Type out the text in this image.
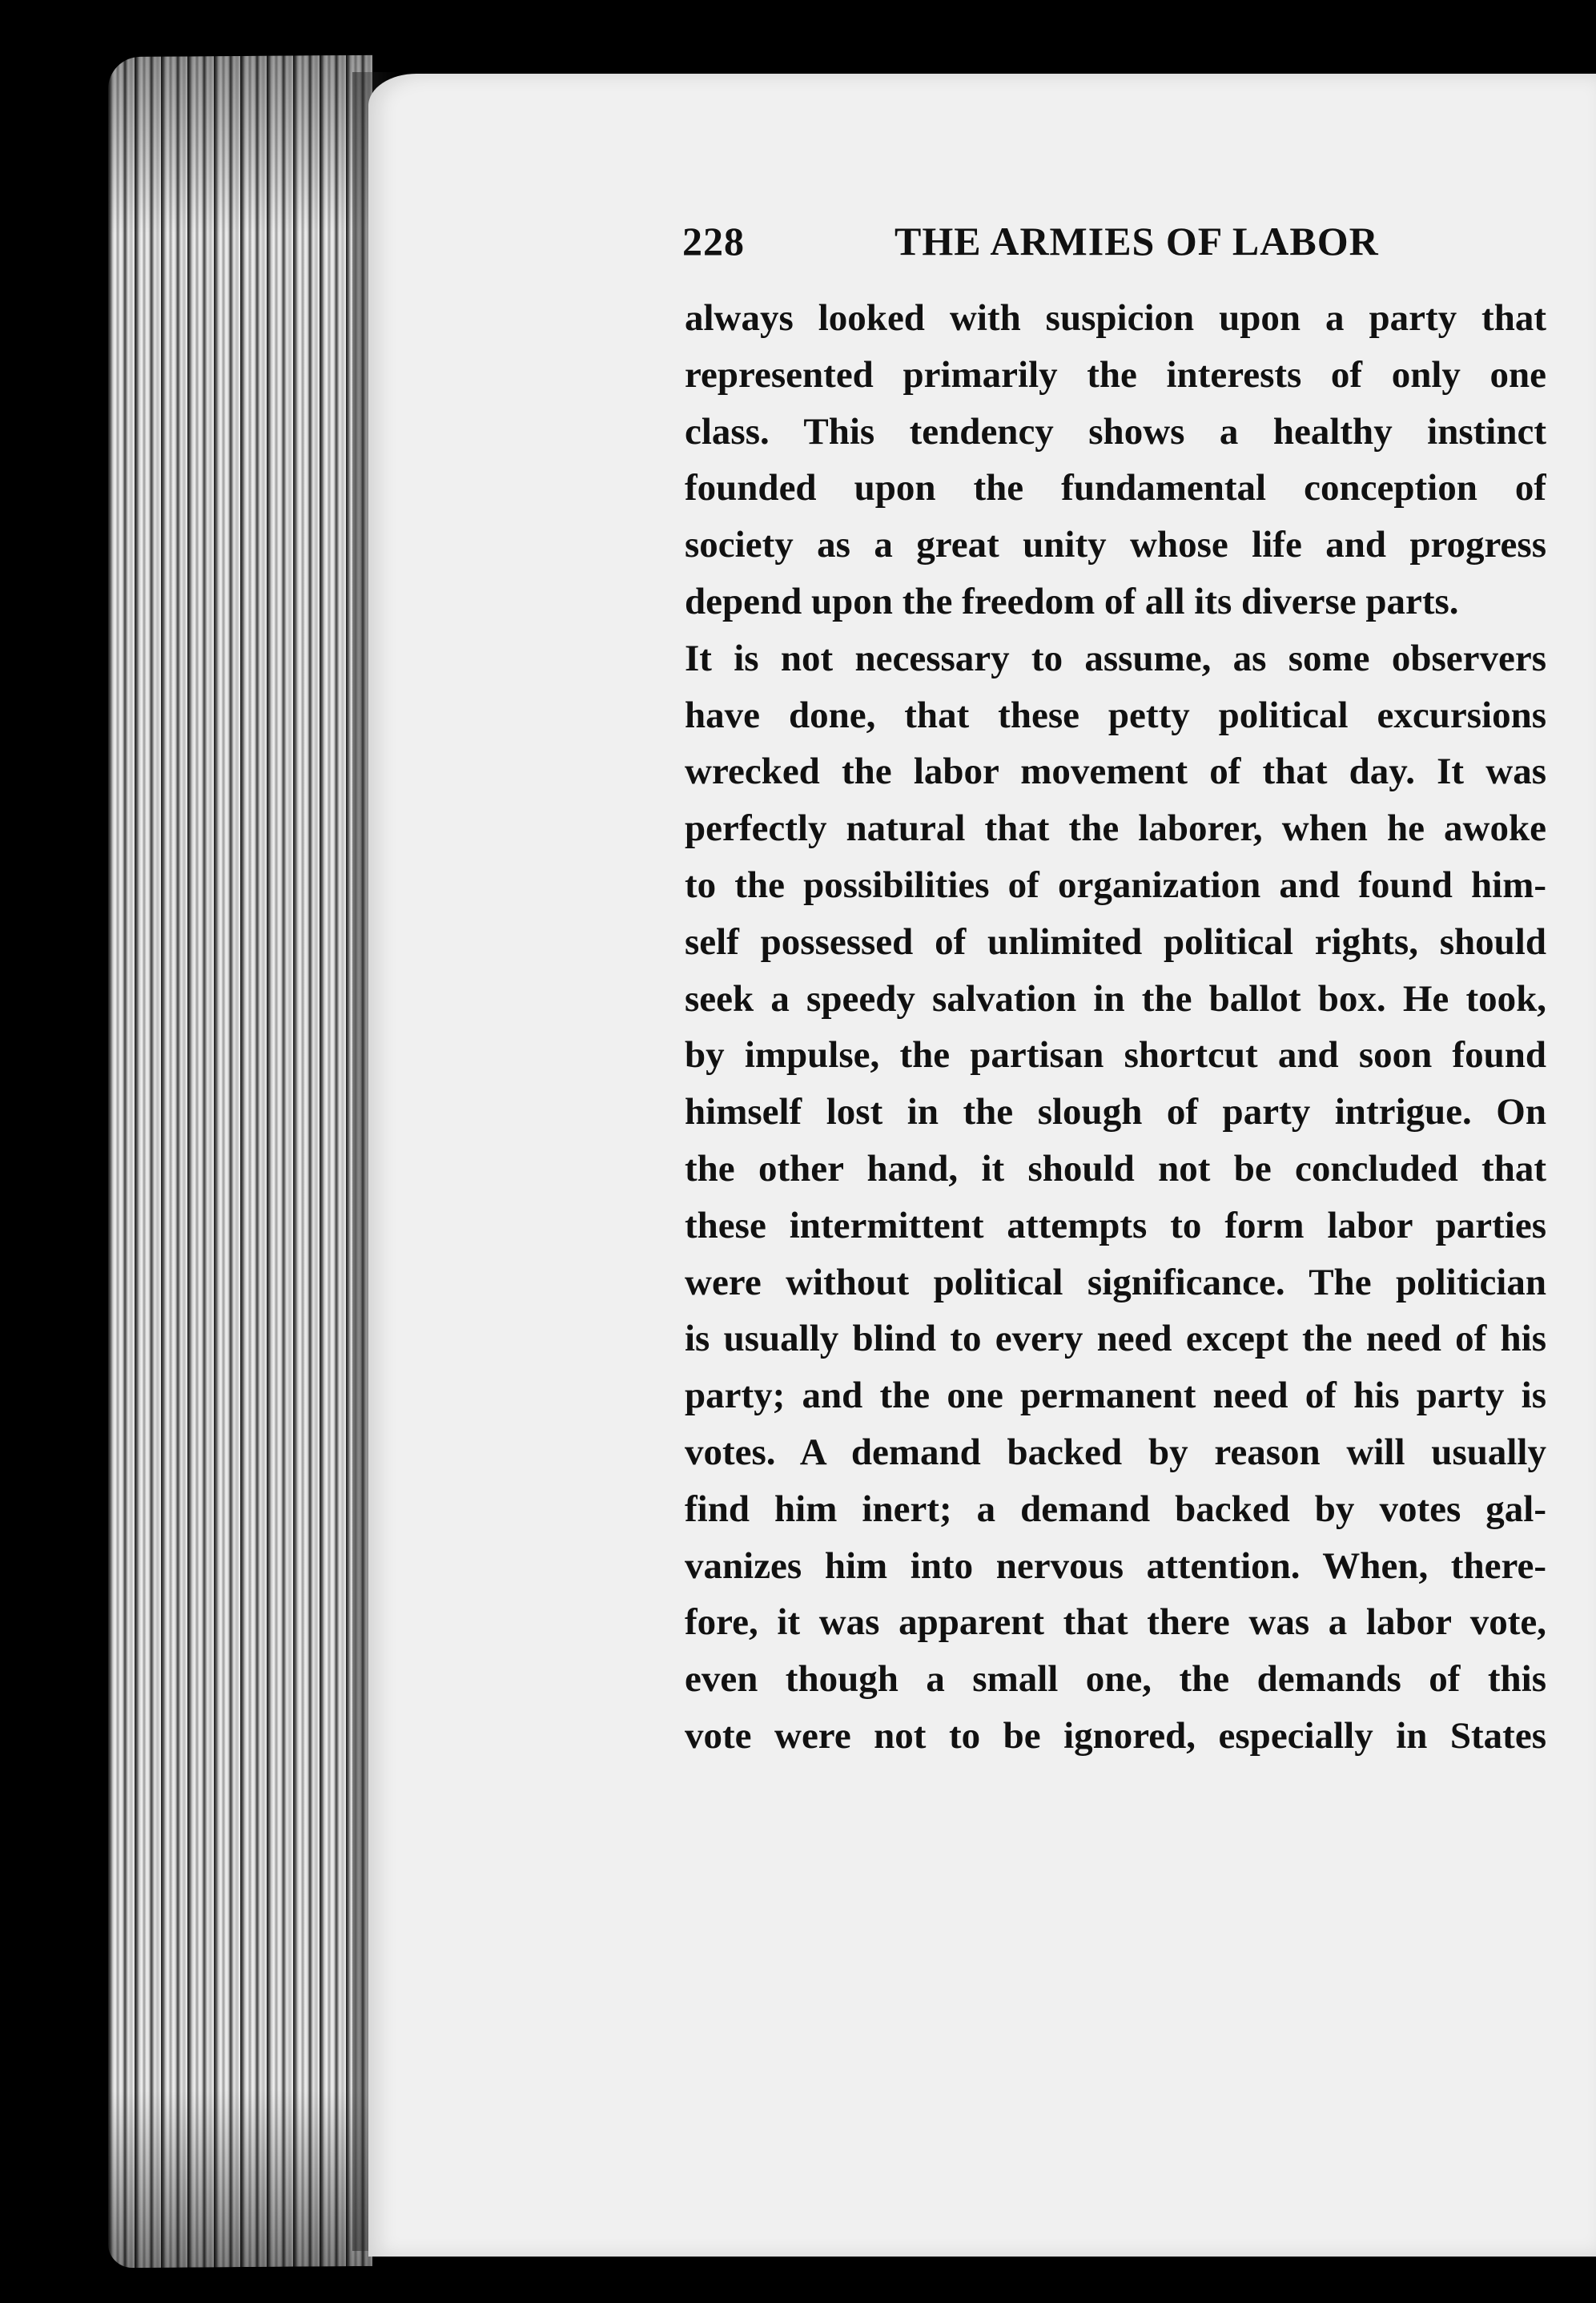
228	THE ARMIES OF LABOR
always looked with suspicion upon a party that
represented primarily the interests of only one
class. This tendency shows a healthy instinct
founded upon the fundamental conception of
society as a great unity whose life and progress
depend upon the freedom of all its diverse parts.
It is not necessary to assume, as some observers
have done, that these petty political excursions
wrecked the labor movement of that day. It was
perfectly natural that the laborer, when he awoke
to the possibilities of organization and found him-
self possessed of unlimited political rights, should
seek a speedy salvation in the ballot box. He took,
by impulse, the partisan shortcut and soon found
himself lost in the slough of party intrigue. On
the other hand, it should not be concluded that
these intermittent attempts to form labor parties
were without political significance. The politician
is usually blind to every need except the need of his
party; and the one permanent need of his party is
votes. A demand backed by reason will usually
find him inert; a demand backed by votes gal-
vanizes him into nervous attention. When, there-
fore, it was apparent that there was a labor vote,
even though a small one, the demands of this
vote were not to be ignored, especially in States
